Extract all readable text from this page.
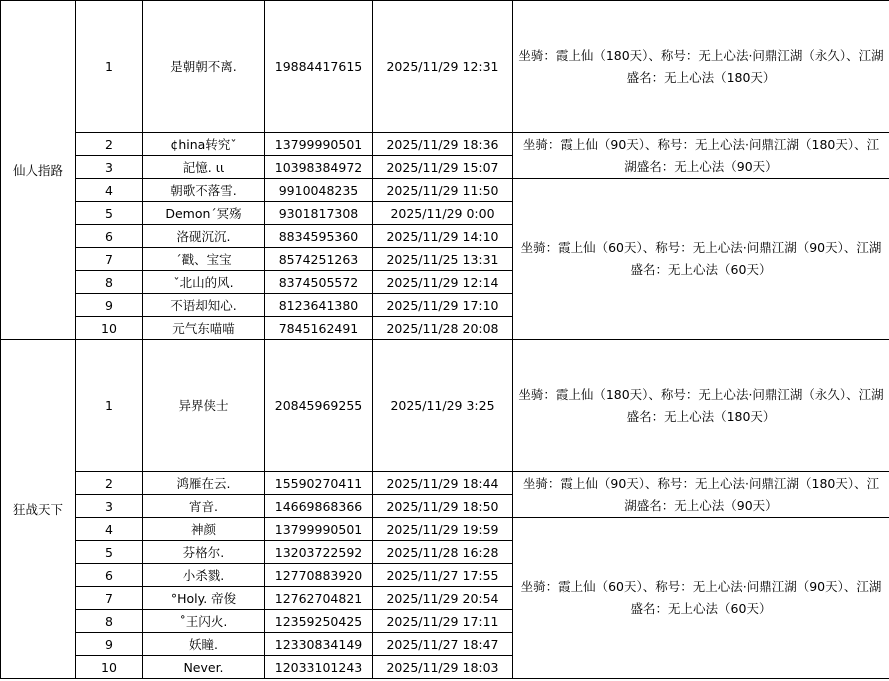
仙人指路	1	是朝朝不离.	19884417615	2025/11/29 12:31	坐骑：霞上仙（180天）、称号：无上心法·问鼎江湖（永久）、江湖盛名：无上心法（180天）
	2	¢hina转究ˇ	13799990501	2025/11/29 18:36	坐骑：霞上仙（90天）、称号：无上心法·问鼎江湖（180天）、江湖盛名：无上心法（90天）
	3	記憶. ιι	10398384972	2025/11/29 15:07	
	4	朝歌不落雪.	9910048235	2025/11/29 11:50	坐骑：霞上仙（60天）、称号：无上心法·问鼎江湖（90天）、江湖盛名：无上心法（60天）
	5	Demonˊ冥殇	9301817308	2025/11/29 0:00	
	6	洛砚沉沉.	8834595360	2025/11/29 14:10	
	7	ˊ戳、宝宝	8574251263	2025/11/25 13:31	
	8	ˇ北山的风.	8374505572	2025/11/29 12:14	
	9	不语却知心.	8123641380	2025/11/29 17:10	
	10	元气东喵喵	7845162491	2025/11/28 20:08	
狂战天下	1	异界侠士	20845969255	2025/11/29 3:25	坐骑：霞上仙（180天）、称号：无上心法·问鼎江湖（永久）、江湖盛名：无上心法（180天）
	2	鸿雁在云.	15590270411	2025/11/29 18:44	坐骑：霞上仙（90天）、称号：无上心法·问鼎江湖（180天）、江湖盛名：无上心法（90天）
	3	宵音.	14669868366	2025/11/29 18:50	
	4	神颜	13799990501	2025/11/29 19:59	坐骑：霞上仙（60天）、称号：无上心法·问鼎江湖（90天）、江湖盛名：无上心法（60天）
	5	芬格尔.	13203722592	2025/11/28 16:28	
	6	小杀戮.	12770883920	2025/11/27 17:55	
	7	°Holy. 帝俊	12762704821	2025/11/29 20:54	
	8	˚王闪火.	12359250425	2025/11/29 17:11	
	9	妖瞳.	12330834149	2025/11/27 18:47	
	10	Never.	12033101243	2025/11/29 18:03	
